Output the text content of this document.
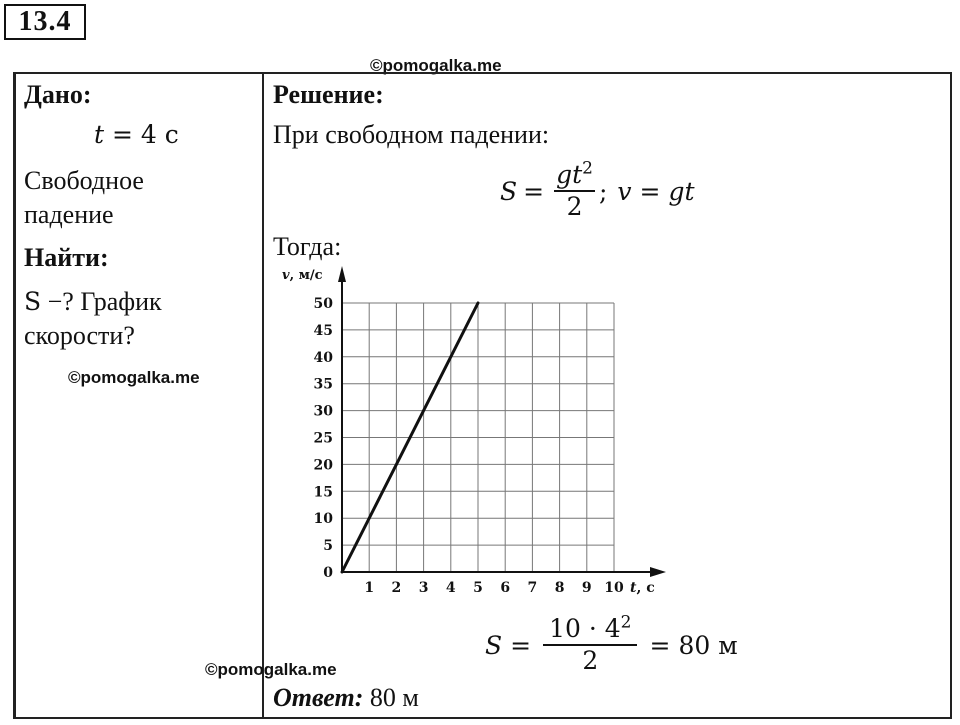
13.4
©pomogalka.me
Дано:
t = 4 с
Свободное
падение
Найти:
S −? График
скорости?
©pomogalka.me
Решение:
При свободном падении:
$S = \frac{gt^2}{2}$ ; v = gt
Тогда:
0
5
10
15
20
25
30
35
40
45
50
1 2 3 4 5 6 7 8 9 10
v, м/с
t, с
$S = \frac{10 \cdot 4^2}{2} = 80$ м
©pomogalka.me
Ответ: 80 м
